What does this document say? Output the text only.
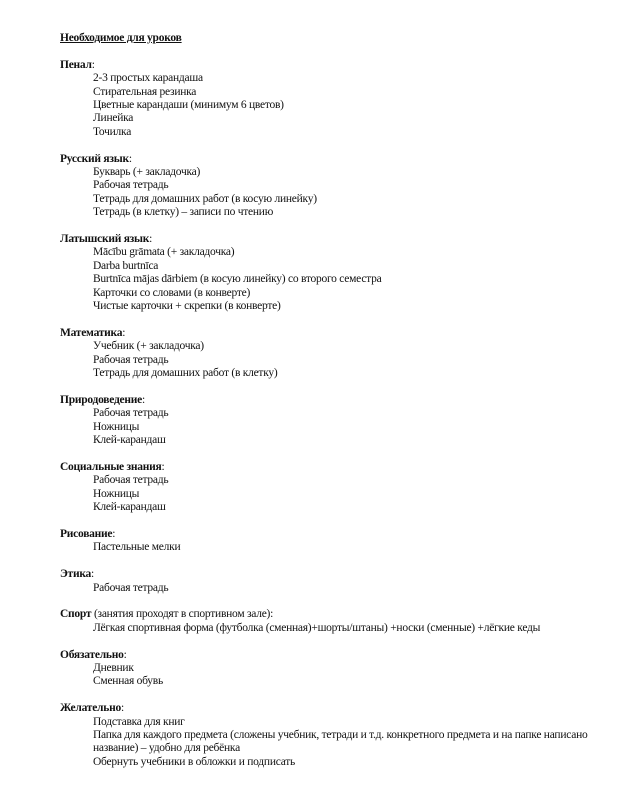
Необходимое для уроков
Пенал:
2-3 простых карандаша
Стирательная резинка
Цветные карандаши (минимум 6 цветов)
Линейка
Точилка
Русский язык:
Букварь (+ закладочка)
Рабочая тетрадь
Тетрадь для домашних работ (в косую линейку)
Тетрадь (в клетку) – записи по чтению
Латышский язык:
Mācību grāmata (+ закладочка)
Darba burtnīca
Burtnīca mājas dārbiem (в косую линейку) со второго семестра
Карточки со словами (в конверте)
Чистые карточки + скрепки (в конверте)
Математика:
Учебник (+ закладочка)
Рабочая тетрадь
Тетрадь для домашних работ (в клетку)
Природоведение:
Рабочая тетрадь
Ножницы
Клей-карандаш
Социальные знания:
Рабочая тетрадь
Ножницы
Клей-карандаш
Рисование:
Пастельные мелки
Этика:
Рабочая тетрадь
Спорт (занятия проходят в спортивном зале):
Лёгкая спортивная форма (футболка (сменная)+шорты/штаны) +носки (сменные) +лёгкие кеды
Обязательно:
Дневник
Сменная обувь
Желательно:
Подставка для книг
Папка для каждого предмета (сложены учебник, тетради и т.д. конкретного предмета и на папке написано название) – удобно для ребёнка
Обернуть учебники в обложки и подписать
